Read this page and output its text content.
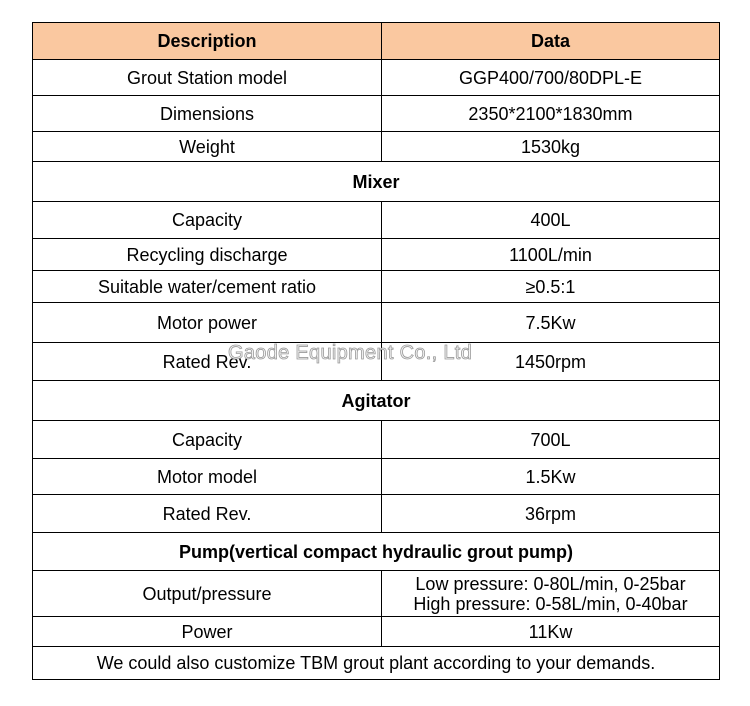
Description	Data
Grout Station model	GGP400/700/80DPL-E
Dimensions	2350*2100*1830mm
Weight	1530kg
Mixer	
Capacity	400L
Recycling discharge	1100L/min
Suitable water/cement ratio	≥0.5:1
Motor power	7.5Kw
Rated Rev.	1450rpm
Agitator	
Capacity	700L
Motor model	1.5Kw
Rated Rev.	36rpm
Pump(vertical compact hydraulic grout pump)	
Output/pressure	Low pressure: 0-80L/min, 0-25bar
High pressure: 0-58L/min, 0-40bar

Power	11Kw
We could also customize TBM grout plant according to your demands.	
Gaode Equipment Co., Ltd
